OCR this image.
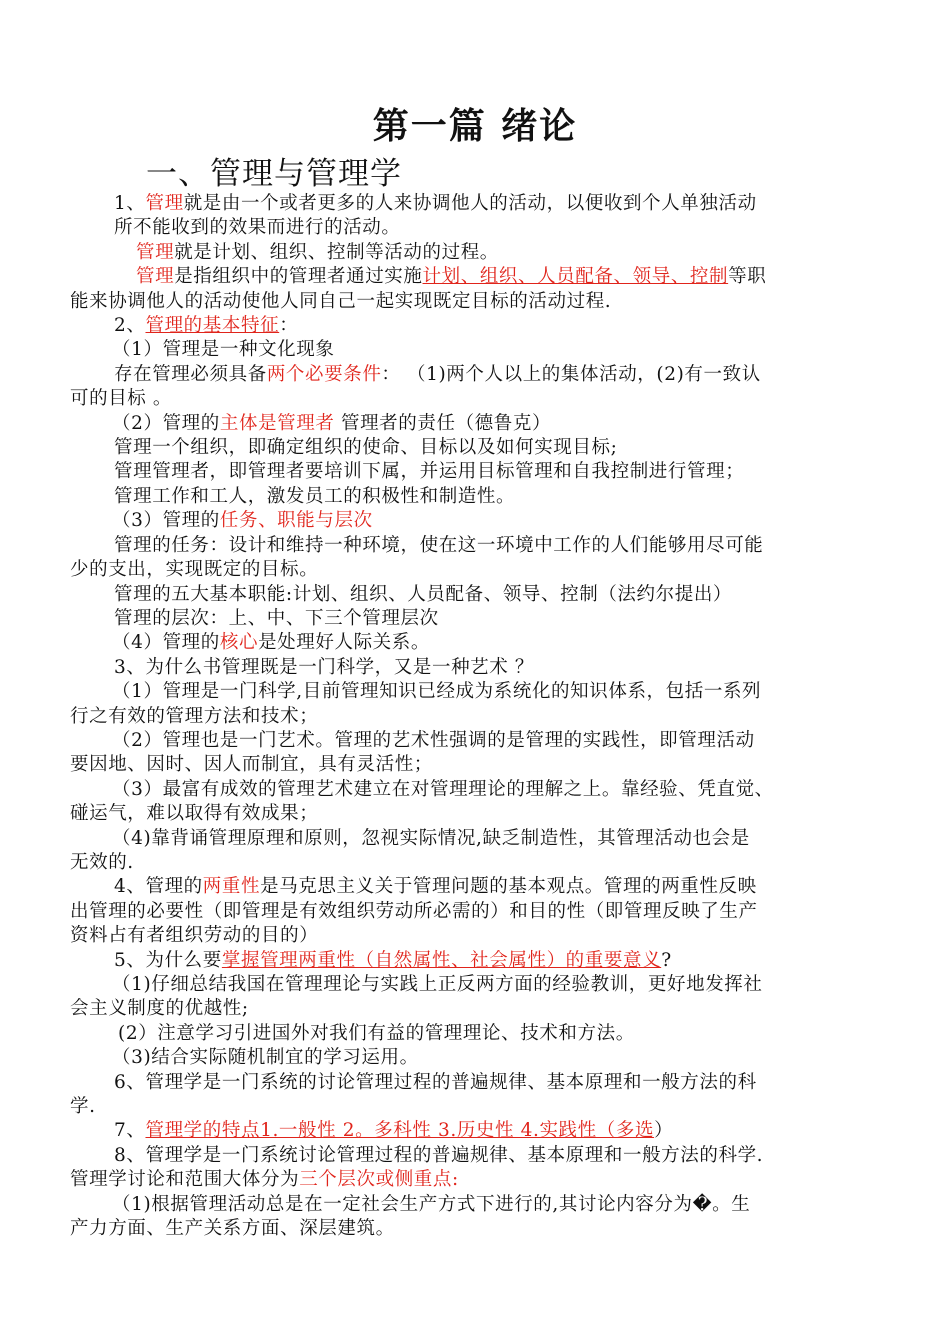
第一篇 绪论
一、管理与管理学

1、管理就是由一个或者更多的人来协调他人的活动，以便收到个人单独活动

所不能收到的效果而进行的活动。

管理就是计划、组织、控制等活动的过程。

管理是指组织中的管理者通过实施计划、组织、人员配备、领导、控制等职

能来协调他人的活动使他人同自己一起实现既定目标的活动过程.

2、管理的基本特征：

（1）管理是一种文化现象

存在管理必须具备两个必要条件： （1)两个人以上的集体活动，(2)有一致认

可的目标 。

（2）管理的主体是管理者 管理者的责任（德鲁克）

管理一个组织，即确定组织的使命、目标以及如何实现目标;

管理管理者，即管理者要培训下属，并运用目标管理和自我控制进行管理；

管理工作和工人，激发员工的积极性和制造性。

（3）管理的任务、职能与层次

管理的任务：设计和维持一种环境，使在这一环境中工作的人们能够用尽可能

少的支出，实现既定的目标。

管理的五大基本职能:计划、组织、人员配备、领导、控制（法约尔提出）

管理的层次：上、中、下三个管理层次

（4）管理的核心是处理好人际关系。

3、为什么书管理既是一门科学，又是一种艺术 ？

（1）管理是一门科学,目前管理知识已经成为系统化的知识体系，包括一系列

行之有效的管理方法和技术；

（2）管理也是一门艺术。管理的艺术性强调的是管理的实践性，即管理活动

要因地、因时、因人而制宜，具有灵活性；

（3）最富有成效的管理艺术建立在对管理理论的理解之上。靠经验、凭直觉、

碰运气，难以取得有效成果；

（4)靠背诵管理原理和原则，忽视实际情况,缺乏制造性，其管理活动也会是

无效的.

4、管理的两重性是马克思主义关于管理问题的基本观点。管理的两重性反映

出管理的必要性（即管理是有效组织劳动所必需的）和目的性（即管理反映了生产

资料占有者组织劳动的目的）

5、为什么要掌握管理两重性（自然属性、社会属性）的重要意义?

（1)仔细总结我国在管理理论与实践上正反两方面的经验教训，更好地发挥社

会主义制度的优越性;

(2）注意学习引进国外对我们有益的管理理论、技术和方法。

（3)结合实际随机制宜的学习运用。

6、管理学是一门系统的讨论管理过程的普遍规律、基本原理和一般方法的科

学.

7、管理学的特点1.一般性 2。多科性 3.历史性 4.实践性（多选）

8、管理学是一门系统讨论管理过程的普遍规律、基本原理和一般方法的科学.

管理学讨论和范围大体分为三个层次或侧重点:

（1)根据管理活动总是在一定社会生产方式下进行的,其讨论内容分为�。生

产力方面、生产关系方面、深层建筑。
